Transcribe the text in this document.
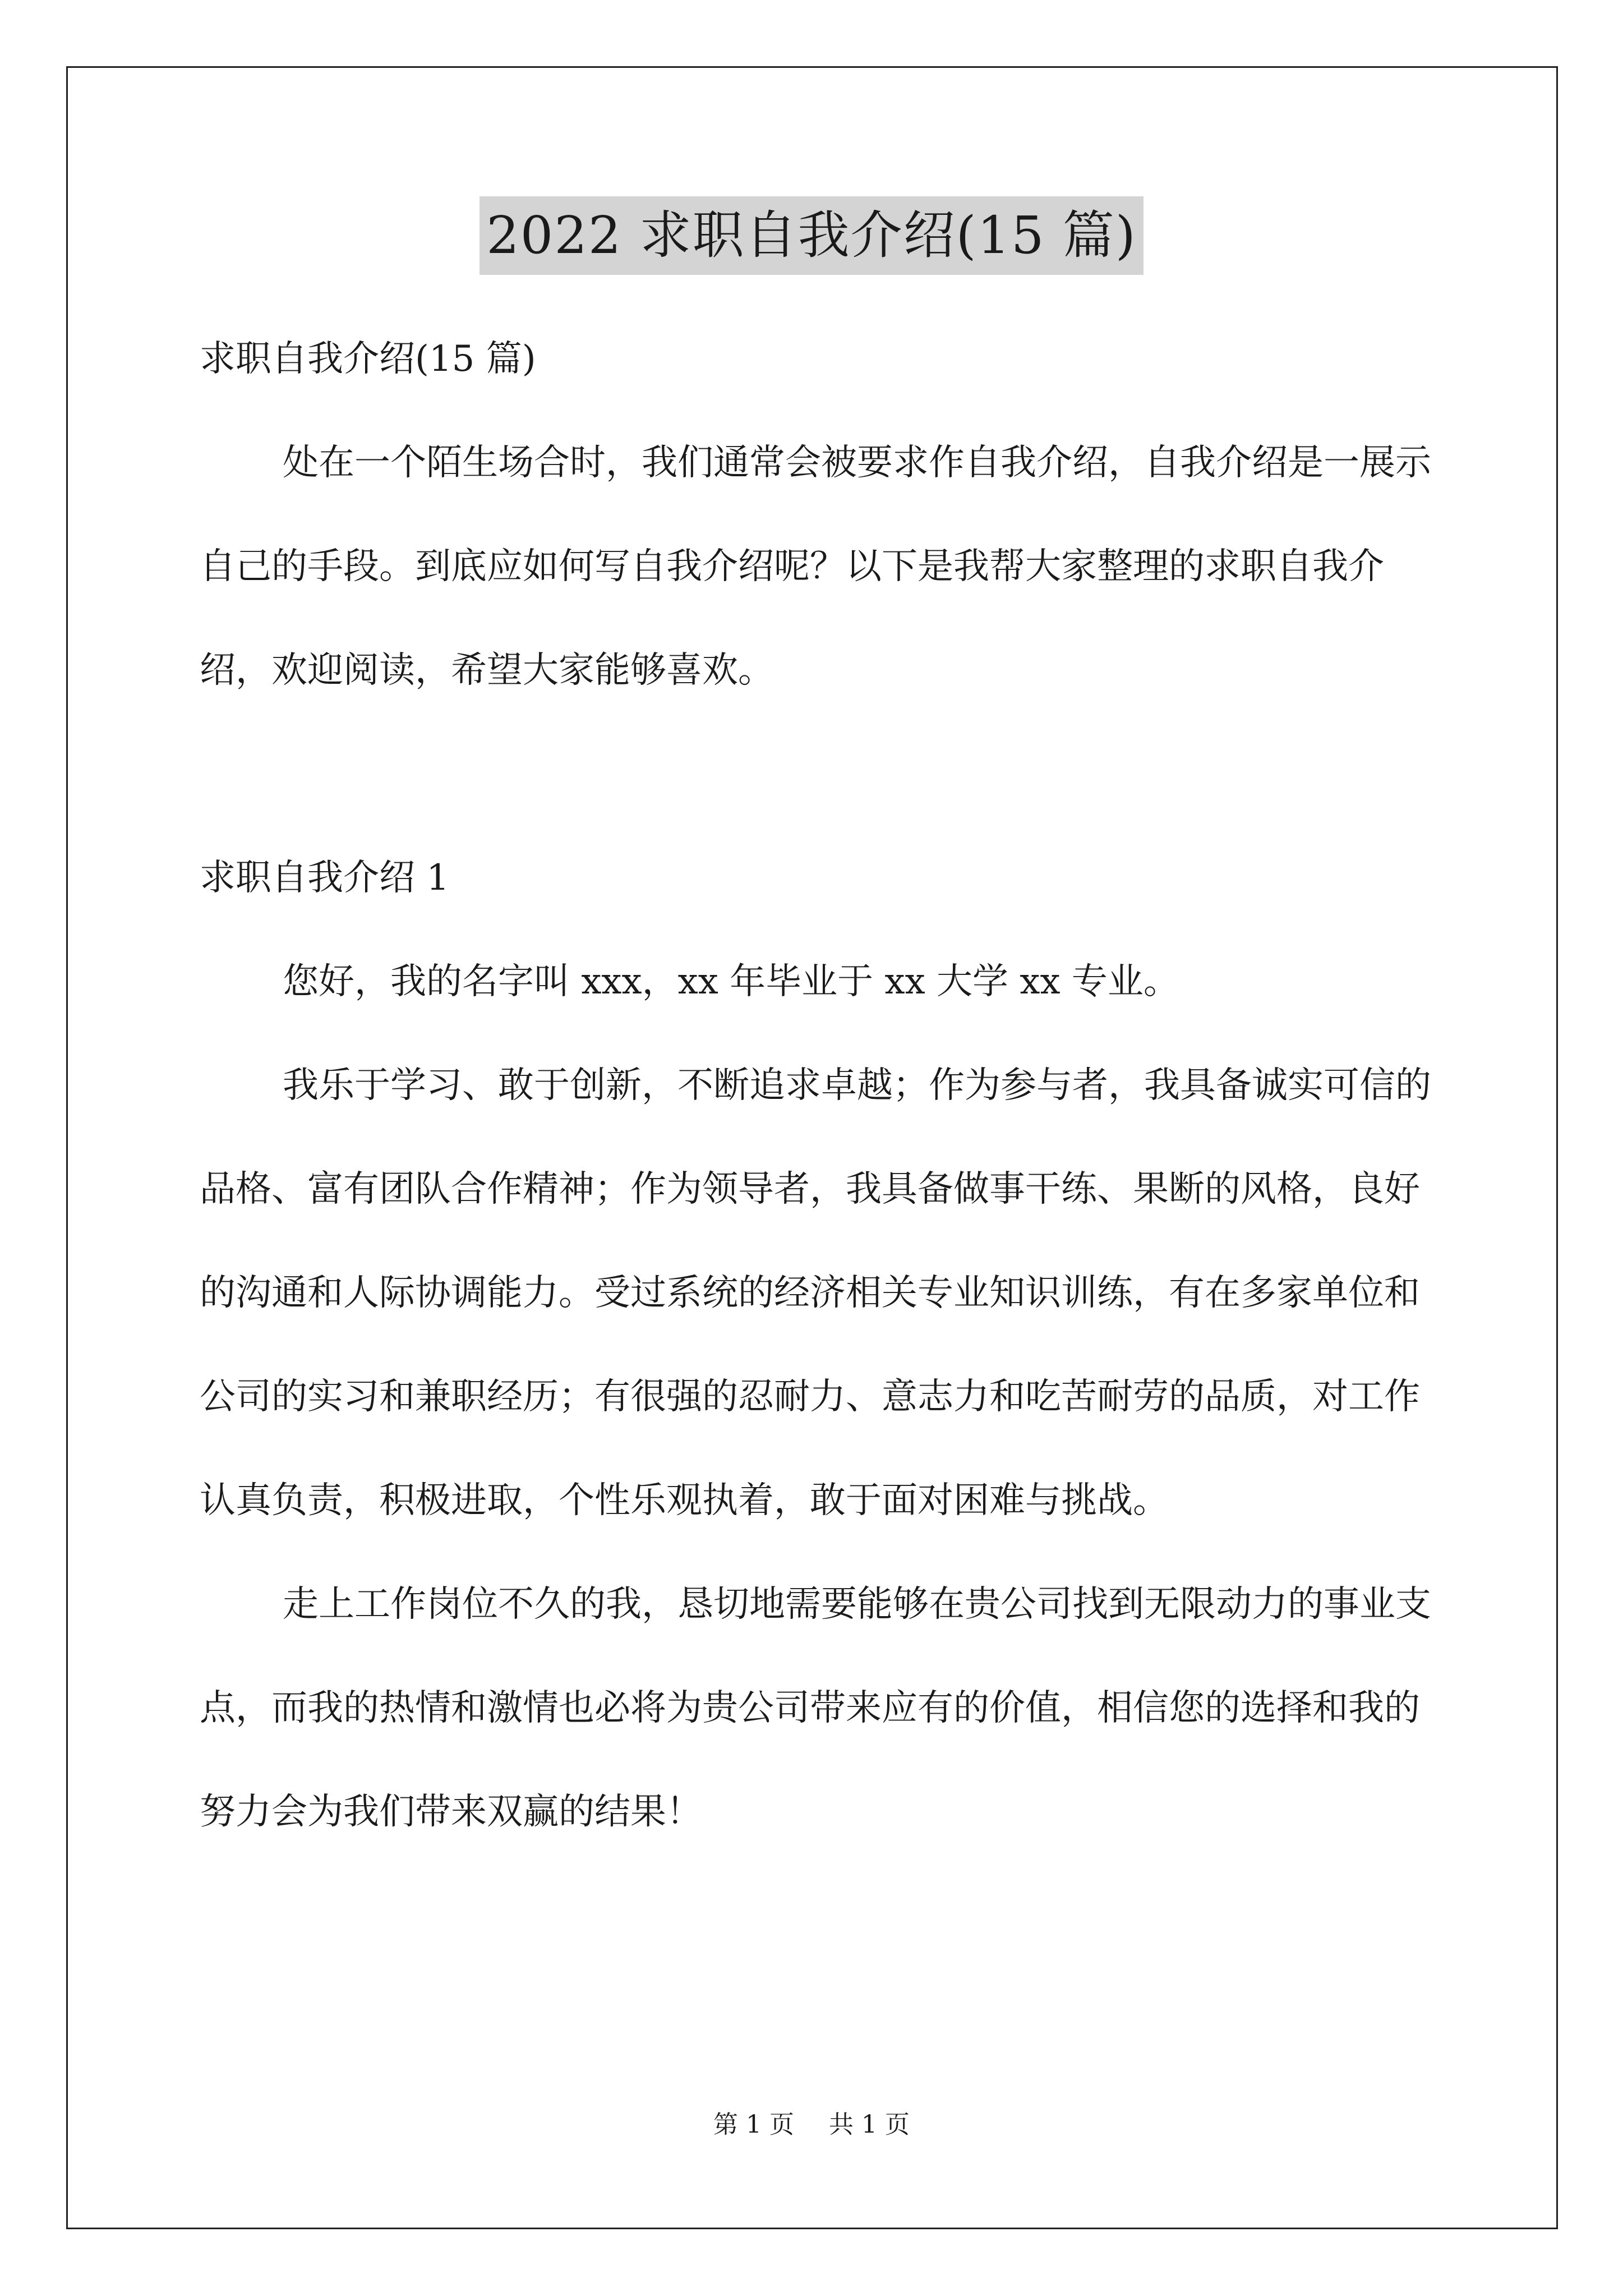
2022 求职自我介绍(15 篇)

求职自我介绍(15 篇)

处在一个陌生场合时，我们通常会被要求作自我介绍，自我介绍是一展示自己的手段。到底应如何写自我介绍呢？以下是我帮大家整理的求职自我介绍，欢迎阅读，希望大家能够喜欢。

求职自我介绍 1

您好，我的名字叫 xxx，xx 年毕业于 xx 大学 xx 专业。

我乐于学习、敢于创新，不断追求卓越；作为参与者，我具备诚实可信的品格、富有团队合作精神；作为领导者，我具备做事干练、果断的风格，良好的沟通和人际协调能力。受过系统的经济相关专业知识训练，有在多家单位和公司的实习和兼职经历；有很强的忍耐力、意志力和吃苦耐劳的品质，对工作认真负责，积极进取，个性乐观执着，敢于面对困难与挑战。

走上工作岗位不久的我，恳切地需要能够在贵公司找到无限动力的事业支点，而我的热情和激情也必将为贵公司带来应有的价值，相信您的选择和我的努力会为我们带来双赢的结果！

第 1 页 共 1 页
